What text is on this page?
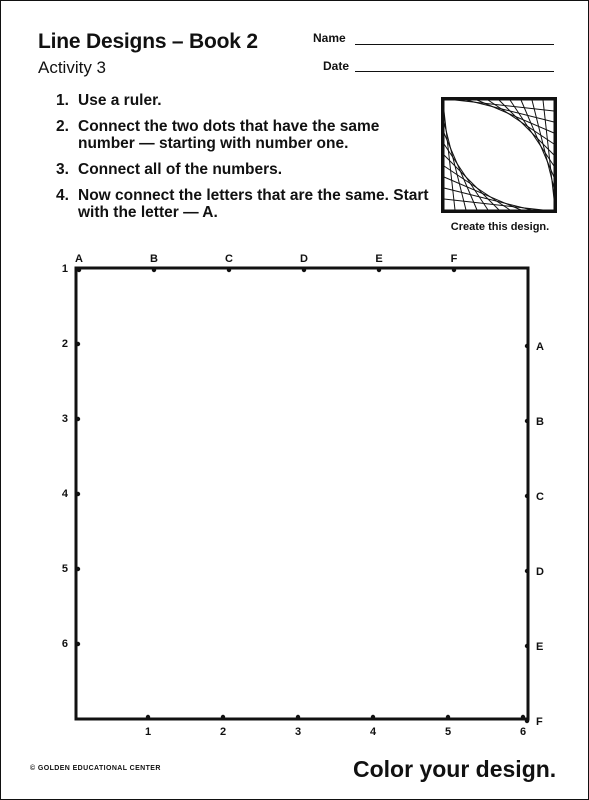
Line Designs – Book 2
Activity 3
Name
Date
1. Use a ruler.
2. Connect the two dots that have the same number — starting with number one.
3. Connect all of the numbers.
4. Now connect the letters that are the same. Start with the letter — A.
Create this design.
A
1
A
1
B
2
B
2
C
3
C
3
D
4
D
4
E
5
E
5
F
6
F
6
© GOLDEN EDUCATIONAL CENTER	Color your design.
